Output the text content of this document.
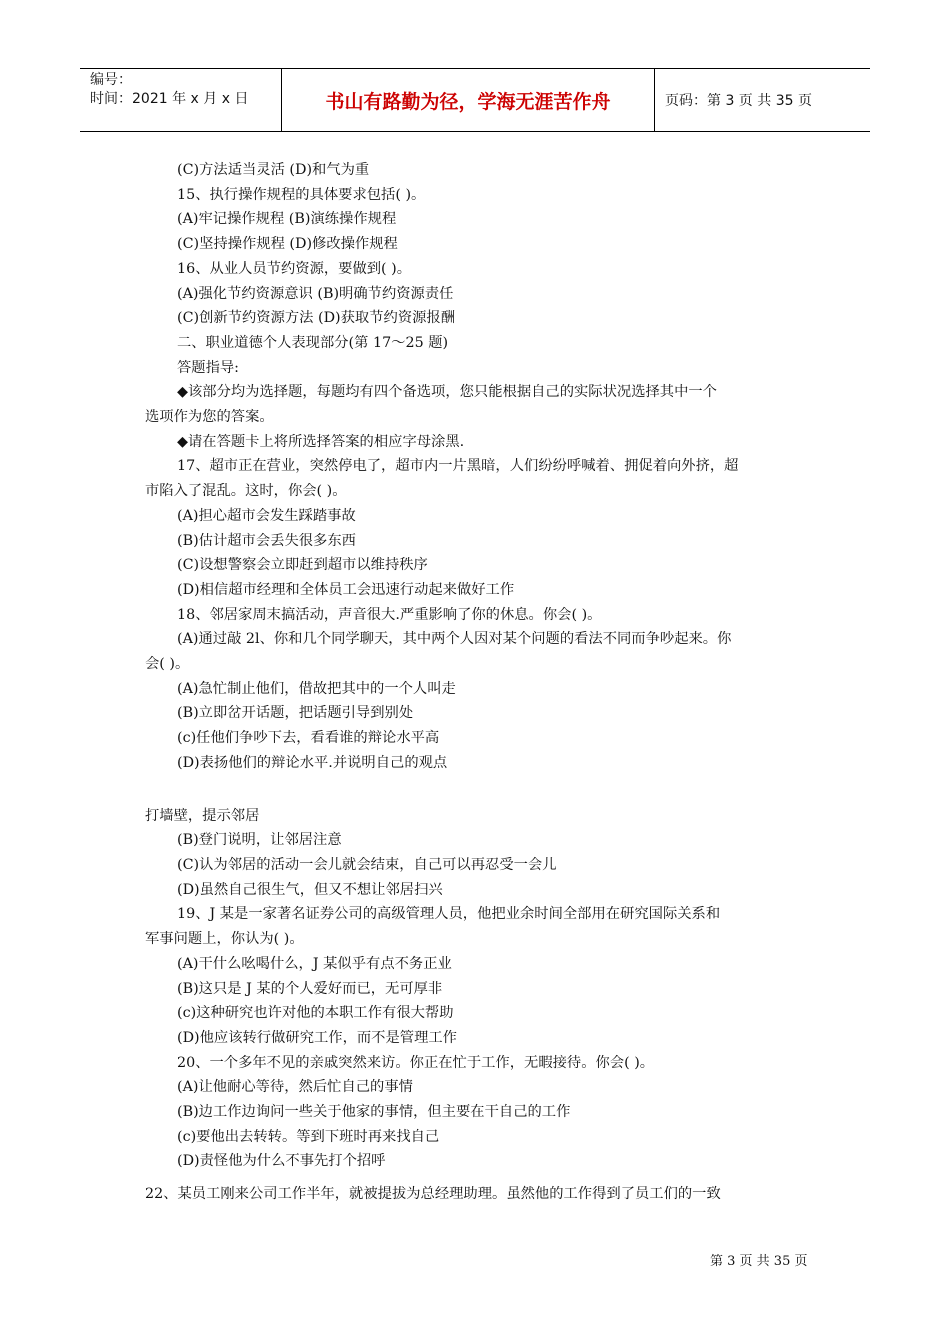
编号：
时间：2021 年 x 月 x 日	书山有路勤为径，学海无涯苦作舟	页码：第 3 页 共 35 页

(C)方法适当灵活 (D)和气为重

15、执行操作规程的具体要求包括( )。

(A)牢记操作规程 (B)演练操作规程

(C)坚持操作规程 (D)修改操作规程

16、从业人员节约资源，要做到( )。

(A)强化节约资源意识 (B)明确节约资源责任

(C)创新节约资源方法 (D)获取节约资源报酬

二、职业道德个人表现部分(第 17～25 题)

答题指导:

◆该部分均为选择题，每题均有四个备选项，您只能根据自己的实际状况选择其中一个

选项作为您的答案。

◆请在答题卡上将所选择答案的相应字母涂黑.

17、超市正在营业，突然停电了，超市内一片黑暗，人们纷纷呼喊着、拥促着向外挤，超

市陷入了混乱。这时，你会( )。

(A)担心超市会发生踩踏事故

(B)估计超市会丢失很多东西

(C)设想警察会立即赶到超市以维持秩序

(D)相信超市经理和全体员工会迅速行动起来做好工作

18、邻居家周末搞活动，声音很大.严重影响了你的休息。你会( )。

(A)通过敲 2l、你和几个同学聊天，其中两个人因对某个问题的看法不同而争吵起来。你

会( )。

(A)急忙制止他们，借故把其中的一个人叫走

(B)立即岔开话题，把话题引导到别处

(c)任他们争吵下去，看看谁的辩论水平高

(D)表扬他们的辩论水平.并说明自己的观点

打墙壁，提示邻居

(B)登门说明，让邻居注意

(C)认为邻居的活动一会儿就会结束，自己可以再忍受一会儿

(D)虽然自己很生气，但又不想让邻居扫兴

19、J 某是一家著名证券公司的高级管理人员，他把业余时间全部用在研究国际关系和

军事问题上，你认为( )。

(A)干什么吆喝什么，J 某似乎有点不务正业

(B)这只是 J 某的个人爱好而已，无可厚非

(c)这种研究也许对他的本职工作有很大帮助

(D)他应该转行做研究工作，而不是管理工作

20、一个多年不见的亲戚突然来访。你正在忙于工作，无暇接待。你会( )。

(A)让他耐心等待，然后忙自己的事情

(B)边工作边询问一些关于他家的事情，但主要在干自己的工作

(c)要他出去转转。等到下班时再来找自己

(D)责怪他为什么不事先打个招呼

22、某员工刚来公司工作半年，就被提拔为总经理助理。虽然他的工作得到了员工们的一致

第 3 页 共 35 页
